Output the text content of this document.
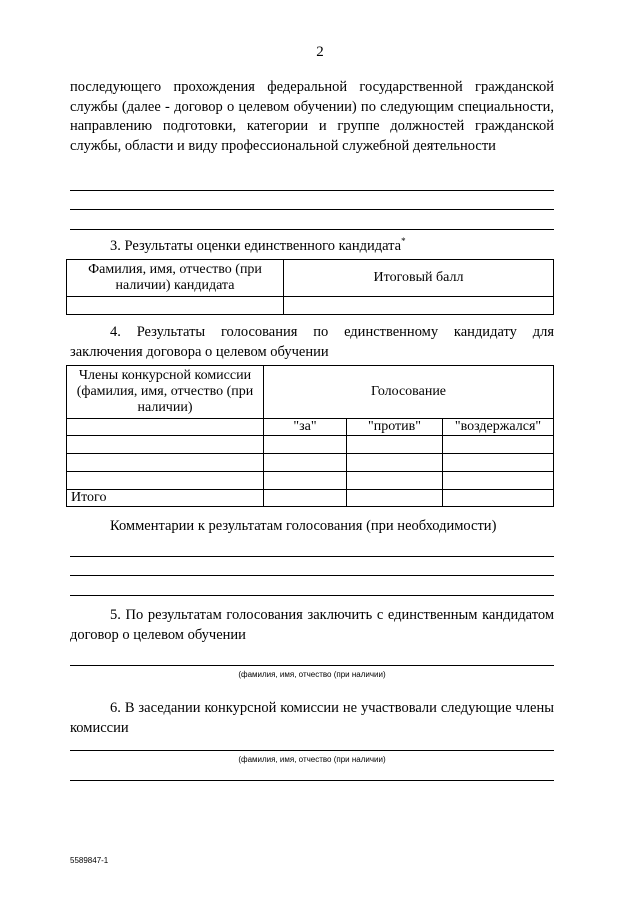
2
последующего прохождения федеральной государственной гражданской службы (далее - договор о целевом обучении) по следующим специальности, направлению подготовки, категории и группе должностей гражданской службы, области и виду профессиональной служебной деятельности
3. Результаты оценки единственного кандидата*
Фамилия, имя, отчество (при наличии) кандидата	Итоговый балл

4. Результаты голосования по единственному кандидату для заключения договора о целевом обучении
Члены конкурсной комиссии (фамилия, имя, отчество (при наличии)	Голосование		
	"за"	"против"	"воздержался"

Итого			
Комментарии к результатам голосования (при необходимости)
5. По результатам голосования заключить с единственным кандидатом договор о целевом обучении
(фамилия, имя, отчество (при наличии)
6. В заседании конкурсной комиссии не участвовали следующие члены комиссии
(фамилия, имя, отчество (при наличии)
5589847-1
